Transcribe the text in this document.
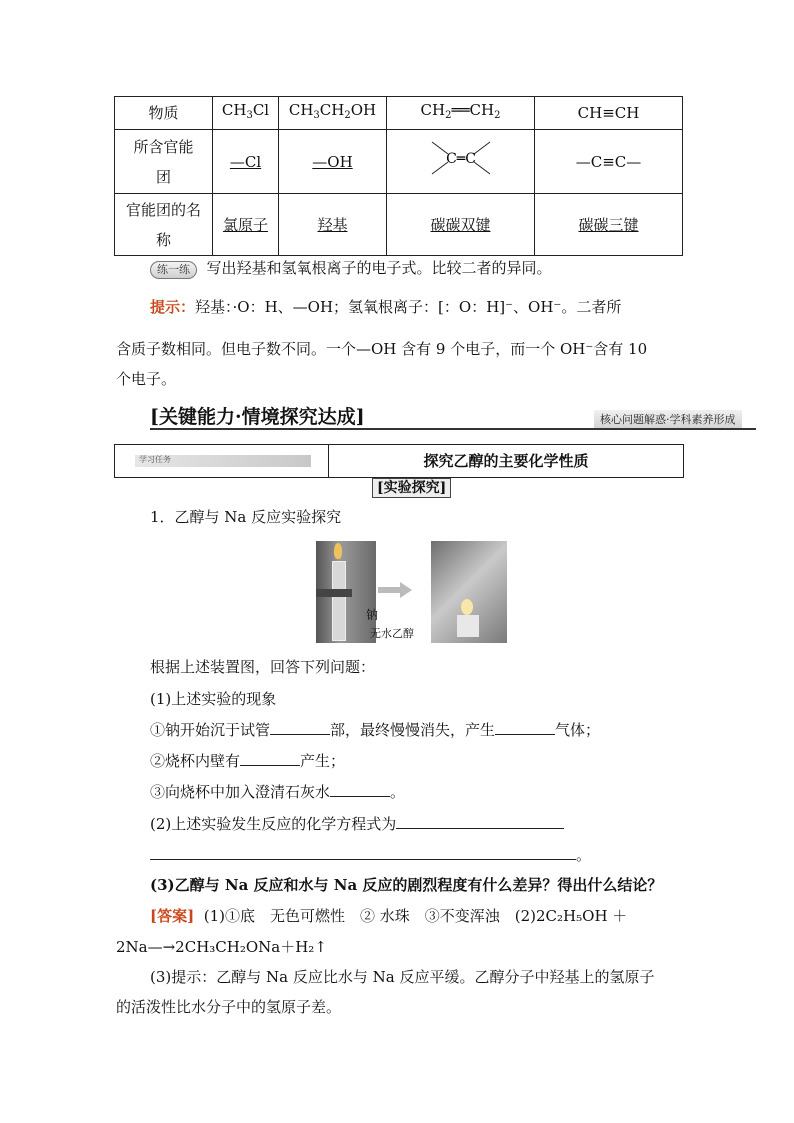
物质	$CH_3Cl$	$CH_3CH_2OH$	$CH_2══CH_2$	CH≡CH
所含官能团	—Cl	—OH	C═C	—C≡C—
官能团的名称	氯原子	羟基	碳碳双键	碳碳三键
练一练 写出羟基和氢氧根离子的电子式。比较二者的异同。
提示：羟基：·O：H、—OH；氢氧根离子：[：O：H]⁻、OH⁻。二者所
含质子数相同。但电子数不同。一个—OH 含有 9 个电子，而一个 OH⁻含有 10
个电子。
[关键能力·情境探究达成]	核心问题解惑·学科素养形成
学习任务	探究乙醇的主要化学性质
[实验探究]
1．乙醇与 Na 反应实验探究
钠
无水乙醇
根据上述装置图，回答下列问题：
(1)上述实验的现象
①钠开始沉于试管	部，最终慢慢消失，产生	气体；
②烧杯内壁有	产生；
③向烧杯中加入澄清石灰水	。
(2)上述实验发生反应的化学方程式为
。
(3)乙醇与 Na 反应和水与 Na 反应的剧烈程度有什么差异？得出什么结论？
[答案] (1)①底　无色可燃性　② 水珠　③不变浑浊　(2)2C₂H₅OH ＋
2Na—→2CH₃CH₂ONa＋H₂↑
(3)提示：乙醇与 Na 反应比水与 Na 反应平缓。乙醇分子中羟基上的氢原子
的活泼性比水分子中的氢原子差。
